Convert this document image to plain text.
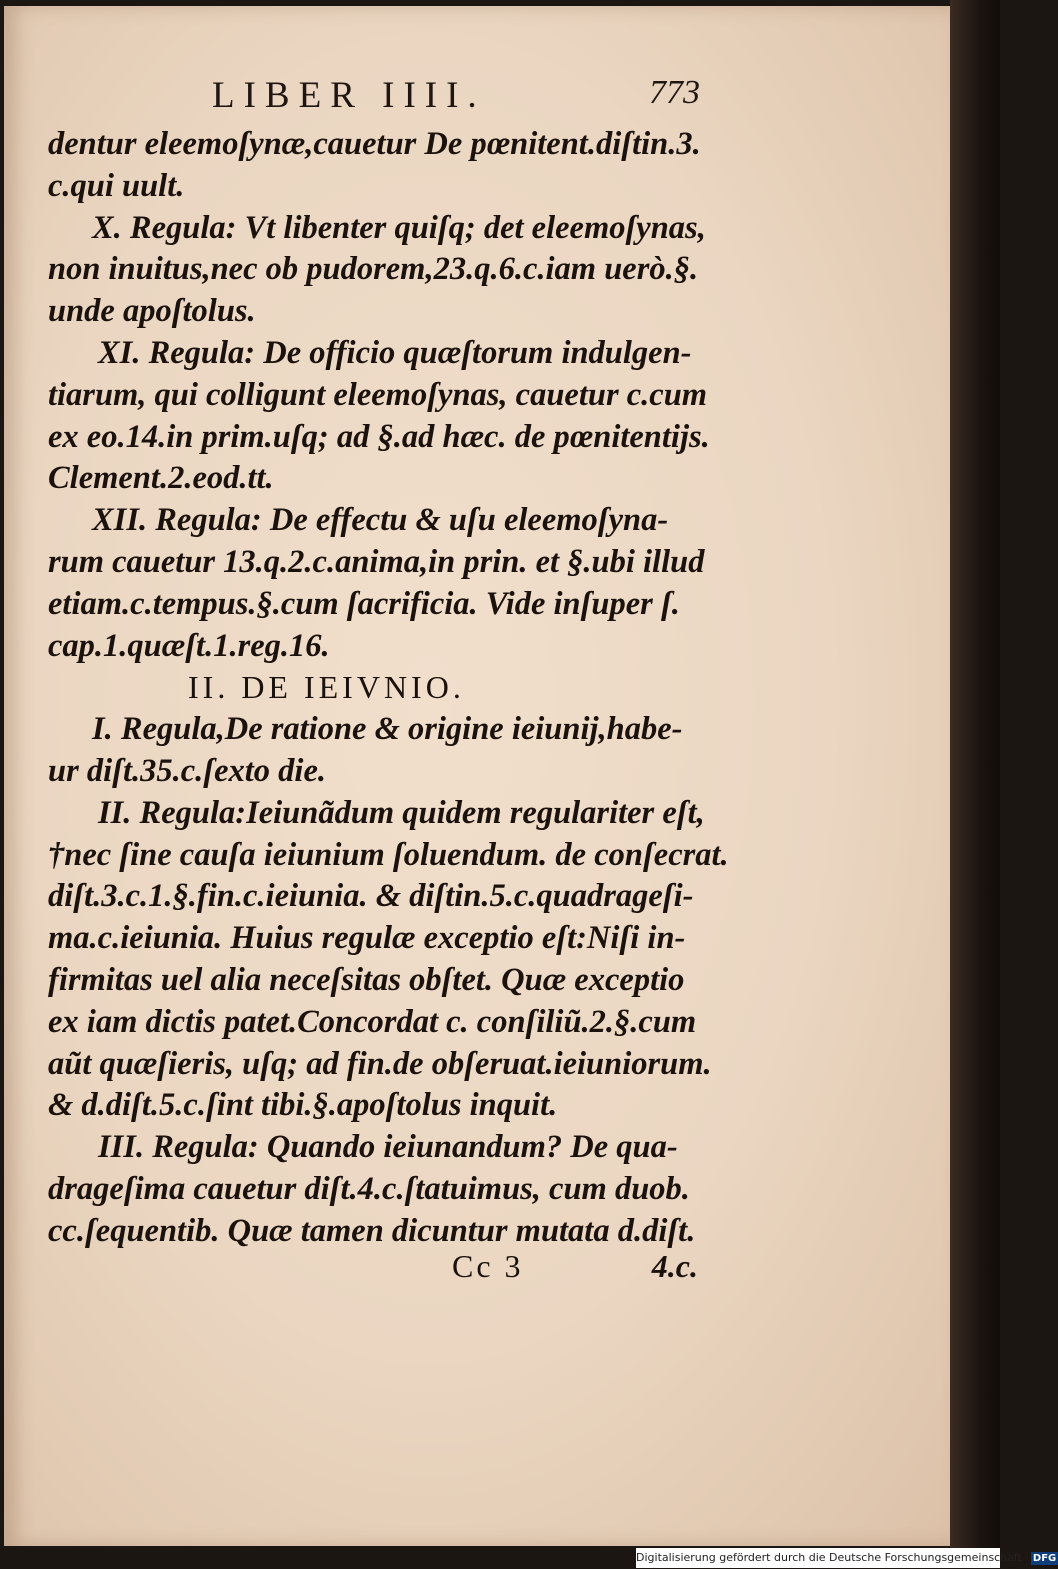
LIBER IIII.	773
dentur eleemoſynæ,cauetur De pœnitent.diſtin.3.
c.qui uult.
X. Regula: Vt libenter quiſq; det eleemoſynas,
non inuitus,nec ob pudorem,23.q.6.c.iam uerò.§.
unde apoſtolus.
XI. Regula: De officio quæſtorum indulgen-
tiarum, qui colligunt eleemoſynas, cauetur c.cum
ex eo.14.in prim.uſq; ad §.ad hæc. de pœnitentijs.
Clement.2.eod.tt.
XII. Regula: De effectu & uſu eleemoſyna-
rum cauetur 13.q.2.c.anima,in prin. et §.ubi illud
etiam.c.tempus.§.cum ſacrificia. Vide inſuper ſ.
cap.1.quæſt.1.reg.16.
II. DE IEIVNIO.
I. Regula,De ratione & origine ieiunij,habe-
ur diſt.35.c.ſexto die.
II. Regula:Ieiunãdum quidem regulariter eſt,
†nec ſine cauſa ieiunium ſoluendum. de conſecrat.
diſt.3.c.1.§.fin.c.ieiunia. & diſtin.5.c.quadrageſi-
ma.c.ieiunia. Huius regulæ exceptio eſt:Niſi in-
firmitas uel alia neceſsitas obſtet. Quæ exceptio
ex iam dictis patet.Concordat c. conſiliũ.2.§.cum
aũt quæſieris, uſq; ad fin.de obſeruat.ieiuniorum.
& d.diſt.5.c.ſint tibi.§.apoſtolus inquit.
III. Regula: Quando ieiunandum? De qua-
drageſima cauetur diſt.4.c.ſtatuimus, cum duob.
cc.ſequentib. Quæ tamen dicuntur mutata d.diſt.
Cc 3	4.c.
Digitalisierung gefördert durch die Deutsche Forschungsgemeinschaft · DFG
